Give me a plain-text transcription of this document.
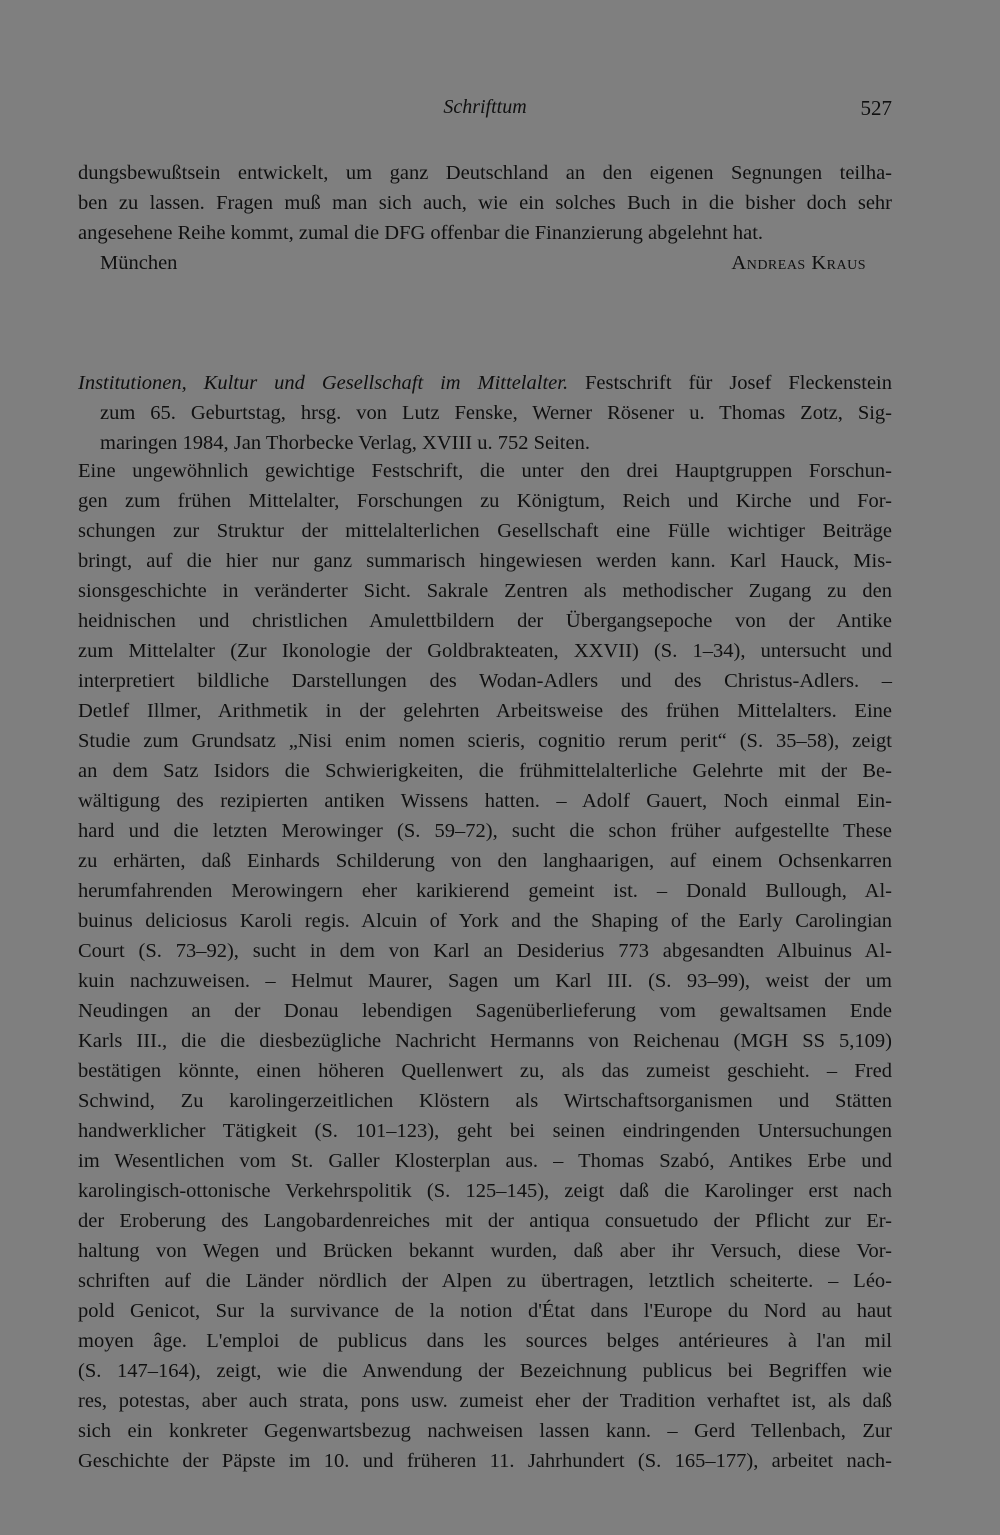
Schrifttum	527
dungsbewußtsein entwickelt, um ganz Deutschland an den eigenen Segnungen teilha-
ben zu lassen. Fragen muß man sich auch, wie ein solches Buch in die bisher doch sehr
angesehene Reihe kommt, zumal die DFG offenbar die Finanzierung abgelehnt hat.
München	Andreas Kraus
Institutionen, Kultur und Gesellschaft im Mittelalter. Festschrift für Josef Fleckenstein
zum 65. Geburtstag, hrsg. von Lutz Fenske, Werner Rösener u. Thomas Zotz, Sig-
maringen 1984, Jan Thorbecke Verlag, XVIII u. 752 Seiten.
Eine ungewöhnlich gewichtige Festschrift, die unter den drei Hauptgruppen Forschun-
gen zum frühen Mittelalter, Forschungen zu Königtum, Reich und Kirche und For-
schungen zur Struktur der mittelalterlichen Gesellschaft eine Fülle wichtiger Beiträge
bringt, auf die hier nur ganz summarisch hingewiesen werden kann. Karl Hauck, Mis-
sionsgeschichte in veränderter Sicht. Sakrale Zentren als methodischer Zugang zu den
heidnischen und christlichen Amulettbildern der Übergangsepoche von der Antike
zum Mittelalter (Zur Ikonologie der Goldbrakteaten, XXVII) (S. 1–34), untersucht und
interpretiert bildliche Darstellungen des Wodan-Adlers und des Christus-Adlers. –
Detlef Illmer, Arithmetik in der gelehrten Arbeitsweise des frühen Mittelalters. Eine
Studie zum Grundsatz „Nisi enim nomen scieris, cognitio rerum perit“ (S. 35–58), zeigt
an dem Satz Isidors die Schwierigkeiten, die frühmittelalterliche Gelehrte mit der Be-
wältigung des rezipierten antiken Wissens hatten. – Adolf Gauert, Noch einmal Ein-
hard und die letzten Merowinger (S. 59–72), sucht die schon früher aufgestellte These
zu erhärten, daß Einhards Schilderung von den langhaarigen, auf einem Ochsenkarren
herumfahrenden Merowingern eher karikierend gemeint ist. – Donald Bullough, Al-
buinus deliciosus Karoli regis. Alcuin of York and the Shaping of the Early Carolingian
Court (S. 73–92), sucht in dem von Karl an Desiderius 773 abgesandten Albuinus Al-
kuin nachzuweisen. – Helmut Maurer, Sagen um Karl III. (S. 93–99), weist der um
Neudingen an der Donau lebendigen Sagenüberlieferung vom gewaltsamen Ende
Karls III., die die diesbezügliche Nachricht Hermanns von Reichenau (MGH SS 5,109)
bestätigen könnte, einen höheren Quellenwert zu, als das zumeist geschieht. – Fred
Schwind, Zu karolingerzeitlichen Klöstern als Wirtschaftsorganismen und Stätten
handwerklicher Tätigkeit (S. 101–123), geht bei seinen eindringenden Untersuchungen
im Wesentlichen vom St. Galler Klosterplan aus. – Thomas Szabó, Antikes Erbe und
karolingisch-ottonische Verkehrspolitik (S. 125–145), zeigt daß die Karolinger erst nach
der Eroberung des Langobardenreiches mit der antiqua consuetudo der Pflicht zur Er-
haltung von Wegen und Brücken bekannt wurden, daß aber ihr Versuch, diese Vor-
schriften auf die Länder nördlich der Alpen zu übertragen, letztlich scheiterte. – Léo-
pold Genicot, Sur la survivance de la notion d'État dans l'Europe du Nord au haut
moyen âge. L'emploi de publicus dans les sources belges antérieures à l'an mil
(S. 147–164), zeigt, wie die Anwendung der Bezeichnung publicus bei Begriffen wie
res, potestas, aber auch strata, pons usw. zumeist eher der Tradition verhaftet ist, als daß
sich ein konkreter Gegenwartsbezug nachweisen lassen kann. – Gerd Tellenbach, Zur
Geschichte der Päpste im 10. und früheren 11. Jahrhundert (S. 165–177), arbeitet nach-
